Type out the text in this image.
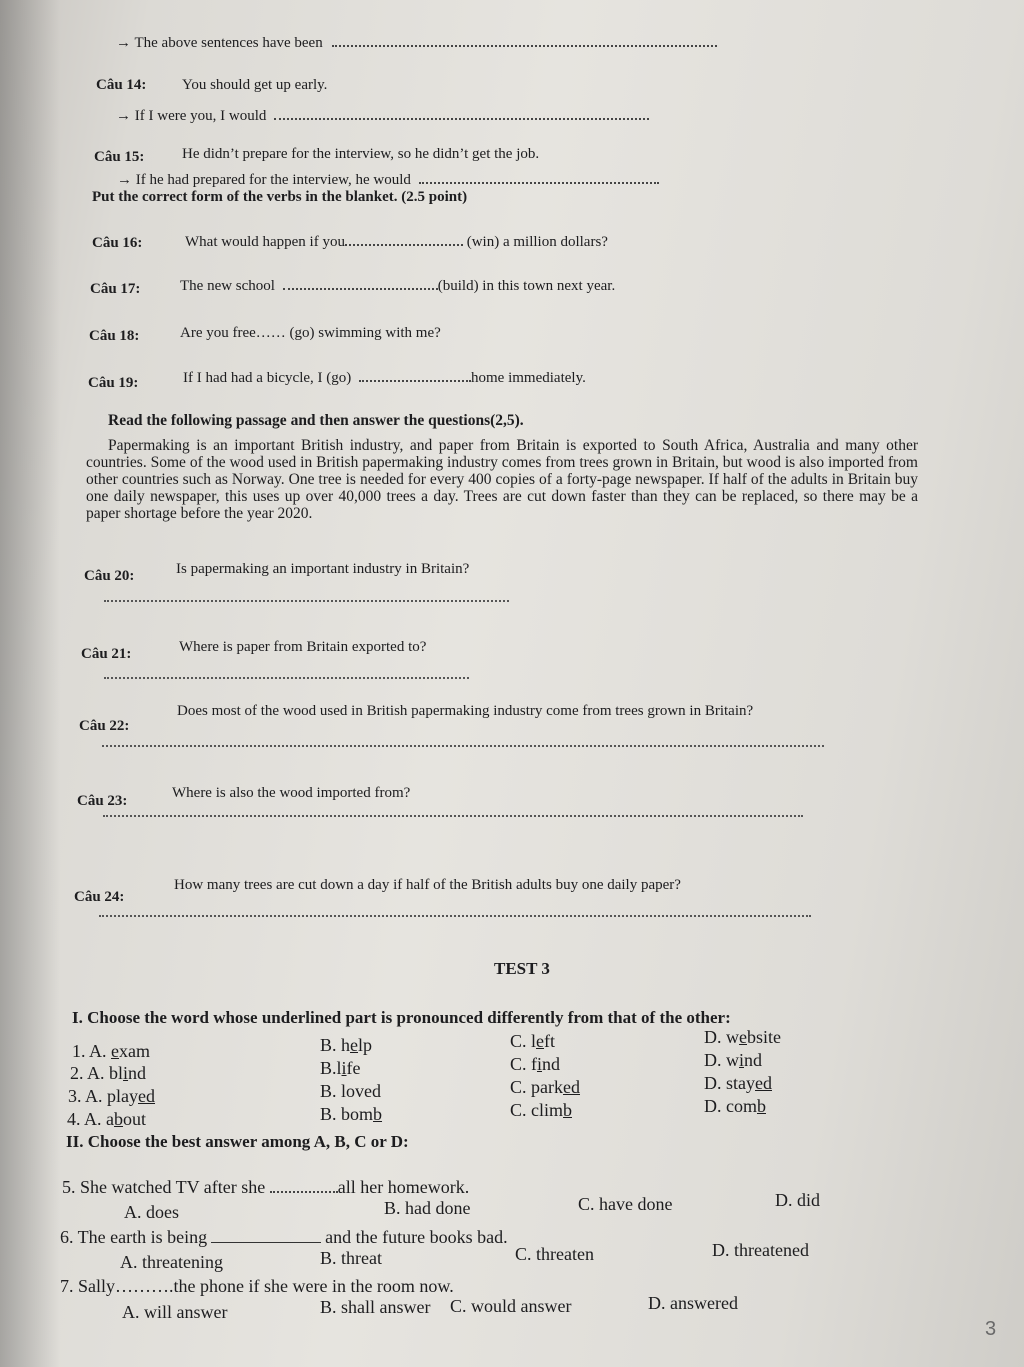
→ The above sentences have been
Câu 14: You should get up early.
→ If I were you, I would
Câu 15:	He didn’t prepare for the interview, so he didn’t get the job.
→ If he had prepared for the interview, he would
Put the correct form of the verbs in the blanket. (2.5 point)
Câu 16:	What would happen if you	(win) a million dollars?
Câu 17:	The new school	(build) in this town next year.
Câu 18:	Are you free…… (go) swimming with me?
Câu 19:	If I had had a bicycle, I (go)	home immediately.
Read the following passage and then answer the questions(2,5).
Papermaking is an important British industry, and paper from Britain is exported to South Africa, Australia and many other countries. Some of the wood used in British papermaking industry comes from trees grown in Britain, but wood is also imported from other countries such as Norway. One tree is needed for every 400 copies of a forty-page newspaper. If half of the adults in Britain buy one daily newspaper, this uses up over 40,000 trees a day. Trees are cut down faster than they can be replaced, so there may be a paper shortage before the year 2020.
Câu 20:	Is papermaking an important industry in Britain?
Câu 21:	Where is paper from Britain exported to?
Câu 22:
Does most of the wood used in British papermaking industry come from trees grown in Britain?
Câu 23:	Where is also the wood imported from?
Câu 24:
How many trees are cut down a day if half of the British adults buy one daily paper?
TEST 3
I. Choose the word whose underlined part is pronounced differently from that of the other:
1. A. exam	B. help	C. left	D. website
2. A. blind	B.life	C. find	D. wind
3. A. played	B. loved	C. parked	D. stayed
4. A. about	B. bomb	C. climb	D. comb
II. Choose the best answer among A, B, C or D:
5. She watched TV after she	all her homework.
A. does	B. had done	C. have done	D. did
6. The earth is being	and the future books bad.
A. threatening	B. threat	C. threaten	D. threatened
7. Sally……….the phone if she were in the room now.
A. will answer	B. shall answer C. would answer	D. answered
3
